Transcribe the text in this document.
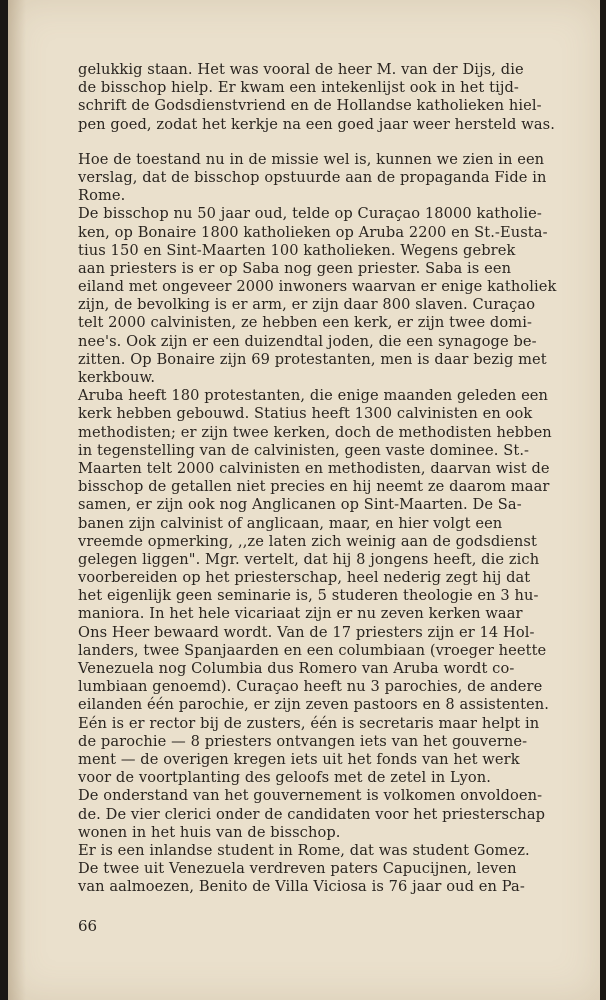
gelukkig staan. Het was vooral de heer M. van der Dijs, die
de bisschop hielp. Er kwam een intekenlijst ook in het tijd-
schrift de Godsdienstvriend en de Hollandse katholieken hiel-
pen goed, zodat het kerkje na een goed jaar weer hersteld was.
Hoe de toestand nu in de missie wel is, kunnen we zien in een
verslag, dat de bisschop opstuurde aan de propaganda Fide in
Rome.
De bisschop nu 50 jaar oud, telde op Curaçao 18000 katholie-
ken, op Bonaire 1800 katholieken op Aruba 2200 en St.-Eusta-
tius 150 en Sint-Maarten 100 katholieken. Wegens gebrek
aan priesters is er op Saba nog geen priester. Saba is een
eiland met ongeveer 2000 inwoners waarvan er enige katholiek
zijn, de bevolking is er arm, er zijn daar 800 slaven. Curaçao
telt 2000 calvinisten, ze hebben een kerk, er zijn twee domi-
nee's. Ook zijn er een duizendtal joden, die een synagoge be-
zitten. Op Bonaire zijn 69 protestanten, men is daar bezig met
kerkbouw.
Aruba heeft 180 protestanten, die enige maanden geleden een
kerk hebben gebouwd. Statius heeft 1300 calvinisten en ook
methodisten; er zijn twee kerken, doch de methodisten hebben
in tegenstelling van de calvinisten, geen vaste dominee. St.-
Maarten telt 2000 calvinisten en methodisten, daarvan wist de
bisschop de getallen niet precies en hij neemt ze daarom maar
samen, er zijn ook nog Anglicanen op Sint-Maarten. De Sa-
banen zijn calvinist of anglicaan, maar, en hier volgt een
vreemde opmerking, ,,ze laten zich weinig aan de godsdienst
gelegen liggen". Mgr. vertelt, dat hij 8 jongens heeft, die zich
voorbereiden op het priesterschap, heel nederig zegt hij dat
het eigenlijk geen seminarie is, 5 studeren theologie en 3 hu-
maniora. In het hele vicariaat zijn er nu zeven kerken waar
Ons Heer bewaard wordt. Van de 17 priesters zijn er 14 Hol-
landers, twee Spanjaarden en een columbiaan (vroeger heette
Venezuela nog Columbia dus Romero van Aruba wordt co-
lumbiaan genoemd). Curaçao heeft nu 3 parochies, de andere
eilanden één parochie, er zijn zeven pastoors en 8 assistenten.
Eén is er rector bij de zusters, één is secretaris maar helpt in
de parochie — 8 priesters ontvangen iets van het gouverne-
ment — de overigen kregen iets uit het fonds van het werk
voor de voortplanting des geloofs met de zetel in Lyon.
De onderstand van het gouvernement is volkomen onvoldoen-
de. De vier clerici onder de candidaten voor het priesterschap
wonen in het huis van de bisschop.
Er is een inlandse student in Rome, dat was student Gomez.
De twee uit Venezuela verdreven paters Capucijnen, leven
van aalmoezen, Benito de Villa Viciosa is 76 jaar oud en Pa-
66
